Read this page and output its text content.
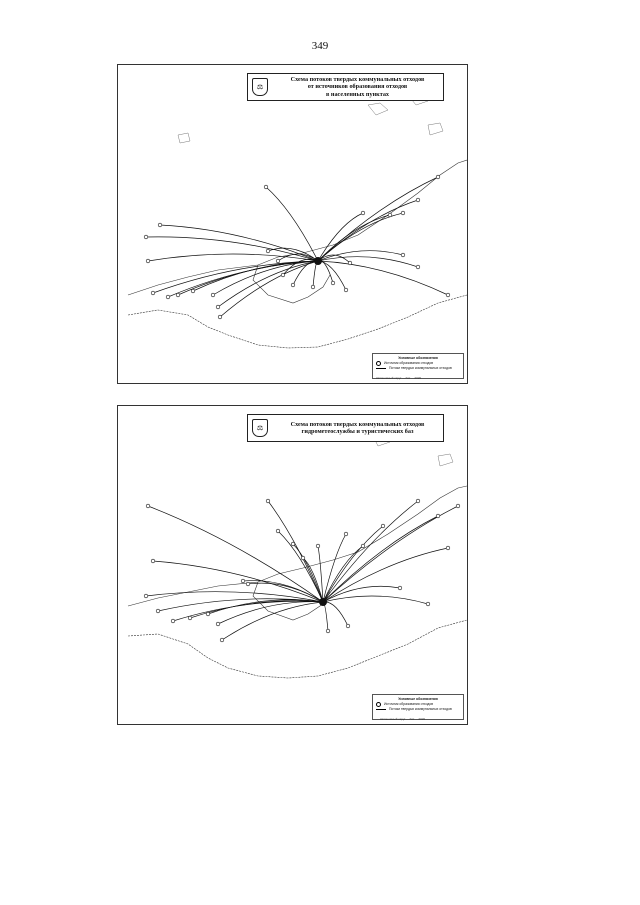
349
⚖
Схема потоков твердых коммунальных отходов
от источников образования отходов
в населенных пунктах
Условные обозначения
Источник образования отходов
Потоки твердых коммунальных отходов
Автономный округ ... Гис ... 2020
⚖	Схема потоков твердых коммунальных отходов
гидрометеослужбы и туристических баз
Условные обозначения
Источник образования отходов
Потоки твердых коммунальных отходов
Автономный округ ... Гис ... 2020
